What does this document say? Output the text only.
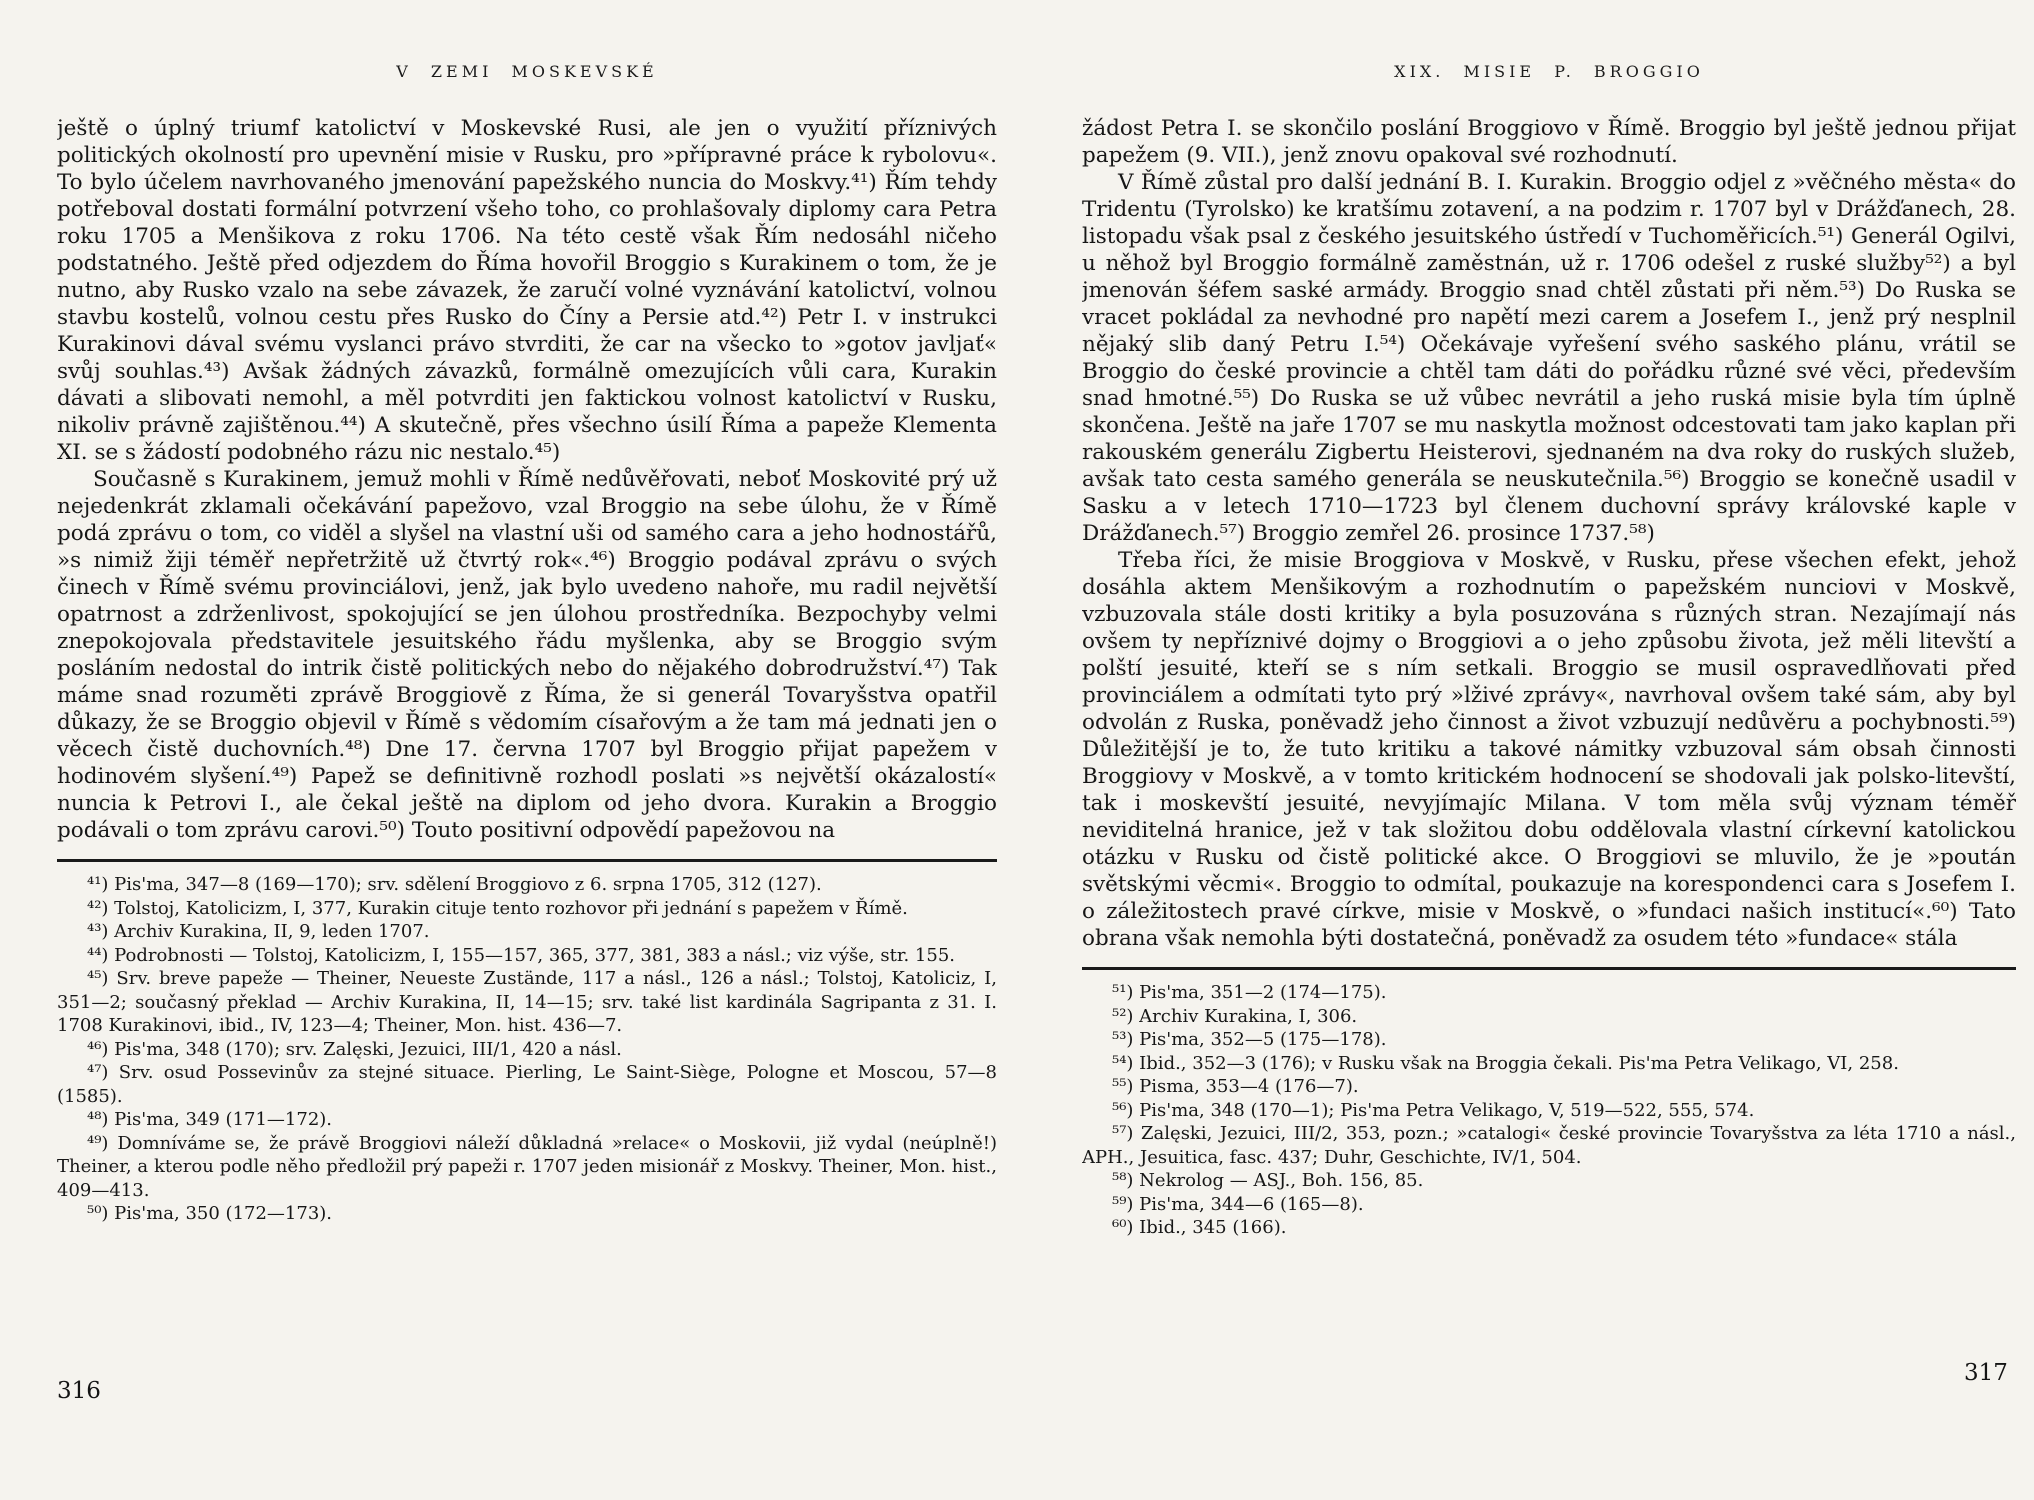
V ZEMI MOSKEVSKÉ

ještě o úplný triumf katolictví v Moskevské Rusi, ale jen o využití příznivých politických okolností pro upevnění misie v Rusku, pro »přípravné práce k rybolovu«. To bylo účelem navrhovaného jmenování papežského nuncia do Moskvy.⁴¹) Řím tehdy potřeboval dostati formální potvrzení všeho toho, co prohlašovaly diplomy cara Petra roku 1705 a Menšikova z roku 1706. Na této cestě však Řím nedosáhl ničeho podstatného. Ještě před odjezdem do Říma hovořil Broggio s Kurakinem o tom, že je nutno, aby Rusko vzalo na sebe závazek, že zaručí volné vyznávání katolictví, volnou stavbu kostelů, volnou cestu přes Rusko do Číny a Persie atd.⁴²) Petr I. v instrukci Kurakinovi dával svému vyslanci právo stvrditi, že car na všecko to »gotov javljať« svůj souhlas.⁴³) Avšak žádných závazků, formálně omezujících vůli cara, Kurakin dávati a slibovati nemohl, a měl potvrditi jen faktickou volnost katolictví v Rusku, nikoliv právně zajištěnou.⁴⁴) A skutečně, přes všechno úsilí Říma a papeže Klementa XI. se s žádostí podobného rázu nic nestalo.⁴⁵)

Současně s Kurakinem, jemuž mohli v Římě nedůvěřovati, neboť Moskovité prý už nejedenkrát zklamali očekávání papežovo, vzal Broggio na sebe úlohu, že v Římě podá zprávu o tom, co viděl a slyšel na vlastní uši od samého cara a jeho hodnostářů, »s nimiž žiji téměř nepřetržitě už čtvrtý rok«.⁴⁶) Broggio podával zprávu o svých činech v Římě svému provinciálovi, jenž, jak bylo uvedeno nahoře, mu radil největší opatrnost a zdrženlivost, spokojující se jen úlohou prostředníka. Bezpochyby velmi znepokojovala představitele jesuitského řádu myšlenka, aby se Broggio svým posláním nedostal do intrik čistě politických nebo do nějakého dobrodružství.⁴⁷) Tak máme snad rozuměti zprávě Broggiově z Říma, že si generál Tovaryšstva opatřil důkazy, že se Broggio objevil v Římě s vědomím císařovým a že tam má jednati jen o věcech čistě duchovních.⁴⁸) Dne 17. června 1707 byl Broggio přijat papežem v hodinovém slyšení.⁴⁹) Papež se definitivně rozhodl poslati »s největší okázalostí« nuncia k Petrovi I., ale čekal ještě na diplom od jeho dvora. Kurakin a Broggio podávali o tom zprávu carovi.⁵⁰) Touto positivní odpovědí papežovou na

⁴¹) Pis'ma, 347—8 (169—170); srv. sdělení Broggiovo z 6. srpna 1705, 312 (127).

⁴²) Tolstoj, Katolicizm, I, 377, Kurakin cituje tento rozhovor při jednání s papežem v Římě.

⁴³) Archiv Kurakina, II, 9, leden 1707.

⁴⁴) Podrobnosti — Tolstoj, Katolicizm, I, 155—157, 365, 377, 381, 383 a násl.; viz výše, str. 155.

⁴⁵) Srv. breve papeže — Theiner, Neueste Zustände, 117 a násl., 126 a násl.; Tolstoj, Katoliciz, I, 351—2; současný překlad — Archiv Kurakina, II, 14—15; srv. také list kardinála Sagripanta z 31. I. 1708 Kurakinovi, ibid., IV, 123—4; Theiner, Mon. hist. 436—7.

⁴⁶) Pis'ma, 348 (170); srv. Zalęski, Jezuici, III/1, 420 a násl.

⁴⁷) Srv. osud Possevinův za stejné situace. Pierling, Le Saint-Siège, Pologne et Moscou, 57—8 (1585).

⁴⁸) Pis'ma, 349 (171—172).

⁴⁹) Domníváme se, že právě Broggiovi náleží důkladná »relace« o Moskovii, již vydal (neúplně!) Theiner, a kterou podle něho předložil prý papeži r. 1707 jeden misionář z Moskvy. Theiner, Mon. hist., 409—413.

⁵⁰) Pis'ma, 350 (172—173).

XIX. MISIE P. BROGGIO

žádost Petra I. se skončilo poslání Broggiovo v Římě. Broggio byl ještě jednou přijat papežem (9. VII.), jenž znovu opakoval své rozhodnutí.

V Římě zůstal pro další jednání B. I. Kurakin. Broggio odjel z »věčného města« do Tridentu (Tyrolsko) ke kratšímu zotavení, a na podzim r. 1707 byl v Drážďanech, 28. listopadu však psal z českého jesuitského ústředí v Tuchoměřicích.⁵¹) Generál Ogilvi, u něhož byl Broggio formálně zaměstnán, už r. 1706 odešel z ruské služby⁵²) a byl jmenován šéfem saské armády. Broggio snad chtěl zůstati při něm.⁵³) Do Ruska se vracet pokládal za nevhodné pro napětí mezi carem a Josefem I., jenž prý nesplnil nějaký slib daný Petru I.⁵⁴) Očekávaje vyřešení svého saského plánu, vrátil se Broggio do české provincie a chtěl tam dáti do pořádku různé své věci, především snad hmotné.⁵⁵) Do Ruska se už vůbec nevrátil a jeho ruská misie byla tím úplně skončena. Ještě na jaře 1707 se mu naskytla možnost odcestovati tam jako kaplan při rakouském generálu Zigbertu Heisterovi, sjednaném na dva roky do ruských služeb, avšak tato cesta samého generála se neuskutečnila.⁵⁶) Broggio se konečně usadil v Sasku a v letech 1710—1723 byl členem duchovní správy královské kaple v Drážďanech.⁵⁷) Broggio zemřel 26. prosince 1737.⁵⁸)

Třeba říci, že misie Broggiova v Moskvě, v Rusku, přese všechen efekt, jehož dosáhla aktem Menšikovým a rozhodnutím o papežském nunciovi v Moskvě, vzbuzovala stále dosti kritiky a byla posuzována s různých stran. Nezajímají nás ovšem ty nepříznivé dojmy o Broggiovi a o jeho způsobu života, jež měli litevští a polští jesuité, kteří se s ním setkali. Broggio se musil ospravedlňovati před provinciálem a odmítati tyto prý »lživé zprávy«, navrhoval ovšem také sám, aby byl odvolán z Ruska, poněvadž jeho činnost a život vzbuzují nedůvěru a pochybnosti.⁵⁹) Důležitější je to, že tuto kritiku a takové námitky vzbuzoval sám obsah činnosti Broggiovy v Moskvě, a v tomto kritickém hodnocení se shodovali jak polsko-litevští, tak i moskevští jesuité, nevyjímajíc Milana. V tom měla svůj význam téměř neviditelná hranice, jež v tak složitou dobu oddělovala vlastní církevní katolickou otázku v Rusku od čistě politické akce. O Broggiovi se mluvilo, že je »poután světskými věcmi«. Broggio to odmítal, poukazuje na korespondenci cara s Josefem I. o záležitostech pravé církve, misie v Moskvě, o »fundaci našich institucí«.⁶⁰) Tato obrana však nemohla býti dostatečná, poněvadž za osudem této »fundace« stála

⁵¹) Pis'ma, 351—2 (174—175).

⁵²) Archiv Kurakina, I, 306.

⁵³) Pis'ma, 352—5 (175—178).

⁵⁴) Ibid., 352—3 (176); v Rusku však na Broggia čekali. Pis'ma Petra Velikago, VI, 258.

⁵⁵) Pisma, 353—4 (176—7).

⁵⁶) Pis'ma, 348 (170—1); Pis'ma Petra Velikago, V, 519—522, 555, 574.

⁵⁷) Zalęski, Jezuici, III/2, 353, pozn.; »catalogi« české provincie Tovaryšstva za léta 1710 a násl., APH., Jesuitica, fasc. 437; Duhr, Geschichte, IV/1, 504.

⁵⁸) Nekrolog — ASJ., Boh. 156, 85.

⁵⁹) Pis'ma, 344—6 (165—8).

⁶⁰) Ibid., 345 (166).

316
317
